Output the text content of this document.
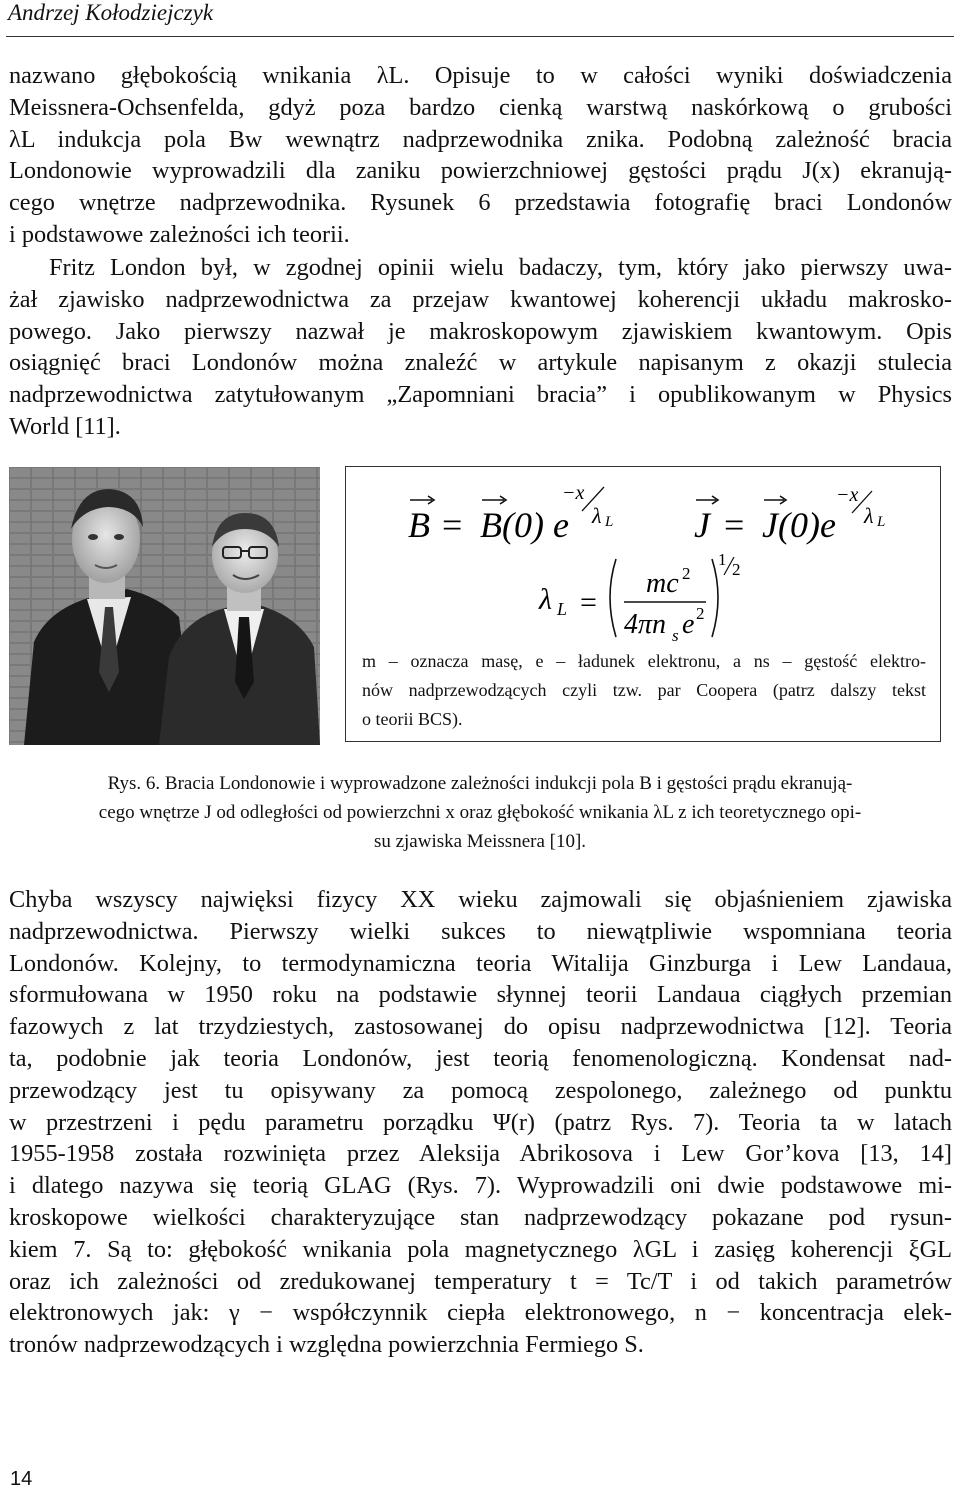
Andrzej Kołodziejczyk
nazwano głębokością wnikania λL. Opisuje to w całości wyniki doświadczenia
Meissnera-Ochsenfelda, gdyż poza bardzo cienką warstwą naskórkową o grubości
λL indukcja pola Bw wewnątrz nadprzewodnika znika. Podobną zależność bracia
Londonowie wyprowadzili dla zaniku powierzchniowej gęstości prądu J(x) ekranują-
cego wnętrze nadprzewodnika. Rysunek 6 przedstawia fotografię braci Londonów
i podstawowe zależności ich teorii.
Fritz London był, w zgodnej opinii wielu badaczy, tym, który jako pierwszy uwa-
żał zjawisko nadprzewodnictwa za przejaw kwantowej koherencji układu makrosko-
powego. Jako pierwszy nazwał je makroskopowym zjawiskiem kwantowym. Opis
osiągnięć braci Londonów można znaleźć w artykule napisanym z okazji stulecia
nadprzewodnictwa zatytułowanym „Zapomniani bracia” i opublikowanym w Physics
World [11].
B = B(0) e
−x
λ L J = J(0)e
−x
λ L
λ L =
mc 2
4πn s e 2
1
2
m – oznacza masę, e – ładunek elektronu, a ns – gęstość elektro-
nów nadprzewodzących czyli tzw. par Coopera (patrz dalszy tekst
o teorii BCS).
Rys. 6. Bracia Londonowie i wyprowadzone zależności indukcji pola B i gęstości prądu ekranują-
cego wnętrze J od odległości od powierzchni x oraz głębokość wnikania λL z ich teoretycznego opi-
su zjawiska Meissnera [10].
Chyba wszyscy najwięksi fizycy XX wieku zajmowali się objaśnieniem zjawiska
nadprzewodnictwa. Pierwszy wielki sukces to niewątpliwie wspomniana teoria
Londonów. Kolejny, to termodynamiczna teoria Witalija Ginzburga i Lew Landaua,
sformułowana w 1950 roku na podstawie słynnej teorii Landaua ciągłych przemian
fazowych z lat trzydziestych, zastosowanej do opisu nadprzewodnictwa [12]. Teoria
ta, podobnie jak teoria Londonów, jest teorią fenomenologiczną. Kondensat nad-
przewodzący jest tu opisywany za pomocą zespolonego, zależnego od punktu
w przestrzeni i pędu parametru porządku Ψ(r) (patrz Rys. 7). Teoria ta w latach
1955-1958 została rozwinięta przez Aleksija Abrikosova i Lew Gor’kova [13, 14]
i dlatego nazywa się teorią GLAG (Rys. 7). Wyprowadzili oni dwie podstawowe mi-
kroskopowe wielkości charakteryzujące stan nadprzewodzący pokazane pod rysun-
kiem 7. Są to: głębokość wnikania pola magnetycznego λGL i zasięg koherencji ξGL
oraz ich zależności od zredukowanej temperatury t = Tc/T i od takich parametrów
elektronowych jak: γ − współczynnik ciepła elektronowego, n − koncentracja elek-
tronów nadprzewodzących i względna powierzchnia Fermiego S.
14
